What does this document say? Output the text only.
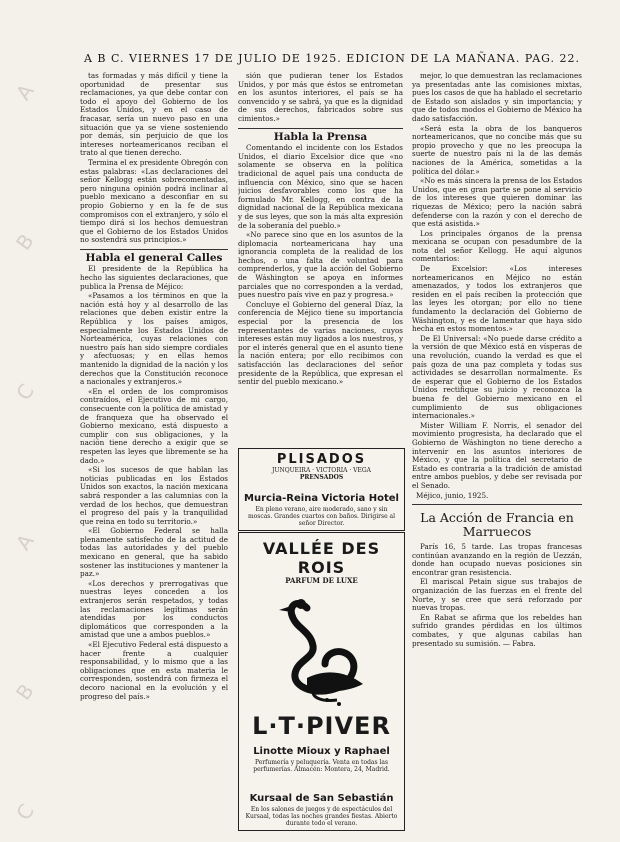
A
B
C
A
B
C
A B C. VIERNES 17 DE JULIO DE 1925. EDICION DE LA MAÑANA. PAG. 22.

tas formadas y más difícil y tiene la oportunidad de presentar sus reclamaciones, ya que debe contar con todo el apoyo del Gobierno de los Estados Unidos, y en el caso de fracasar, sería un nuevo paso en una situación que ya se viene sosteniendo por demás, sin perjuicio de que los intereses norteamericanos reciban el trato al que tienen derecho.

Termina el ex presidente Obregón con estas palabras: «Las declaraciones del señor Kellogg están sobrecomentadas, pero ninguna opinión podrá inclinar al pueblo mexicano a desconfiar en su propio Gobierno y en la fe de sus compromisos con el extranjero, y sólo el tiempo dirá si los hechos demuestran que el Gobierno de los Estados Unidos no sostendrá sus principios.»

Habla el general Calles

El presidente de la República ha hecho las siguientes declaraciones, que publica la Prensa de Méjico:

«Pasamos a los términos en que la nación está hoy y al desarrollo de las relaciones que deben existir entre la República y los países amigos, especialmente los Estados Unidos de Norteamérica, cuyas relaciones con nuestro país han sido siempre cordiales y afectuosas; y en ellas hemos mantenido la dignidad de la nación y los derechos que la Constitución reconoce a nacionales y extranjeros.»

«En el orden de los compromisos contraídos, el Ejecutivo de mi cargo, consecuente con la política de amistad y de franqueza que ha observado el Gobierno mexicano, está dispuesto a cumplir con sus obligaciones, y la nación tiene derecho a exigir que se respeten las leyes que libremente se ha dado.»

«Si los sucesos de que hablan las noticias publicadas en los Estados Unidos son exactos, la nación mexicana sabrá responder a las calumnias con la verdad de los hechos, que demuestran el progreso del país y la tranquilidad que reina en todo su territorio.»

«El Gobierno Federal se halla plenamente satisfecho de la actitud de todas las autoridades y del pueblo mexicano en general, que ha sabido sostener las instituciones y mantener la paz.»

«Los derechos y prerrogativas que nuestras leyes conceden a los extranjeros serán respetados, y todas las reclamaciones legítimas serán atendidas por los conductos diplomáticos que corresponden a la amistad que une a ambos pueblos.»

«El Ejecutivo Federal está dispuesto a hacer frente a cualquier responsabilidad, y lo mismo que a las obligaciones que en esta materia le corresponden, sostendrá con firmeza el decoro nacional en la evolución y el progreso del país.»

sión que pudieran tener los Estados Unidos, y por más que éstos se entrometan en los asuntos interiores, el país se ha convencido y se sabrá, ya que es la dignidad de sus derechos, fabricados sobre sus cimientos.»

Habla la Prensa

Comentando el incidente con los Estados Unidos, el diario Excelsior dice que «no solamente se observa en la política tradicional de aquel país una conducta de influencia con México, sino que se hacen juicios desfavorables como los que ha formulado Mr. Kellogg, en contra de la dignidad nacional de la República mexicana y de sus leyes, que son la más alta expresión de la soberanía del pueblo.»

«No parece sino que en los asuntos de la diplomacia norteamericana hay una ignorancia completa de la realidad de los hechos, o una falta de voluntad para comprenderlos, y que la acción del Gobierno de Wáshington se apoya en informes parciales que no corresponden a la verdad, pues nuestro país vive en paz y progresa.»

Concluye el Gobierno del general Díaz, la conferencia de Méjico tiene su importancia especial por la presencia de los representantes de varias naciones, cuyos intereses están muy ligados a los nuestros, y por el interés general que en el asunto tiene la nación entera; por ello recibimos con satisfacción las declaraciones del señor presidente de la República, que expresan el sentir del pueblo mexicano.»

PLISADOS
JUNQUEIRA · VICTORIA · VEGA
PRENSADOS
Murcia-Reina Victoria Hotel
En pleno verano, aire moderado, sano y sin moscas. Grandes cuartos con baños. Dirigirse al señor Director.
VALLÉE DES ROIS
PARFUM DE LUXE
L·T·PIVER
Linotte Mioux y Raphael
Perfumería y peluquería. Venta en todas las perfumerías. Almacén: Montera, 24, Madrid.
Kursaal de San Sebastián
En los salones de juegos y de espectáculos del Kursaal, todas las noches grandes fiestas. Abierto durante todo el verano.

mejor, lo que demuestran las reclamaciones ya presentadas ante las comisiones mixtas, pues los casos de que ha hablado el secretario de Estado son aislados y sin importancia; y que de todos modos el Gobierno de México ha dado satisfacción.

«Será esta la obra de los banqueros norteamericanos, que no concibe más que su propio provecho y que no les preocupa la suerte de nuestro país ni la de las demás naciones de la América, sometidas a la política del dólar.»

«No es más sincera la prensa de los Estados Unidos, que en gran parte se pone al servicio de los intereses que quieren dominar las riquezas de México; pero la nación sabrá defenderse con la razón y con el derecho de que está asistida.»

Los principales órganos de la prensa mexicana se ocupan con pesadumbre de la nota del señor Kellogg. He aquí algunos comentarios:

De Excelsior: «Los intereses norteamericanos en Méjico no están amenazados, y todos los extranjeros que residen en el país reciben la protección que las leyes les otorgan; por ello no tiene fundamento la declaración del Gobierno de Wáshington, y es de lamentar que haya sido hecha en estos momentos.»

De El Universal: «No puede darse crédito a la versión de que México está en vísperas de una revolución, cuando la verdad es que el país goza de una paz completa y todas sus actividades se desarrollan normalmente. Es de esperar que el Gobierno de los Estados Unidos rectifique su juicio y reconozca la buena fe del Gobierno mexicano en el cumplimiento de sus obligaciones internacionales.»

Mister William F. Norris, el senador del movimiento progresista, ha declarado que el Gobierno de Wáshington no tiene derecho a intervenir en los asuntos interiores de México, y que la política del secretario de Estado es contraria a la tradición de amistad entre ambos pueblos, y debe ser revisada por el Senado.

Méjico, junio, 1925.

La Acción de Francia en Marruecos

París 16, 5 tarde. Las tropas francesas continúan avanzando en la región de Uezzán, donde han ocupado nuevas posiciones sin encontrar gran resistencia.

El mariscal Petain sigue sus trabajos de organización de las fuerzas en el frente del Norte, y se cree que será reforzado por nuevas tropas.

En Rabat se afirma que los rebeldes han sufrido grandes pérdidas en los últimos combates, y que algunas cabilas han presentado su sumisión. — Fabra.
